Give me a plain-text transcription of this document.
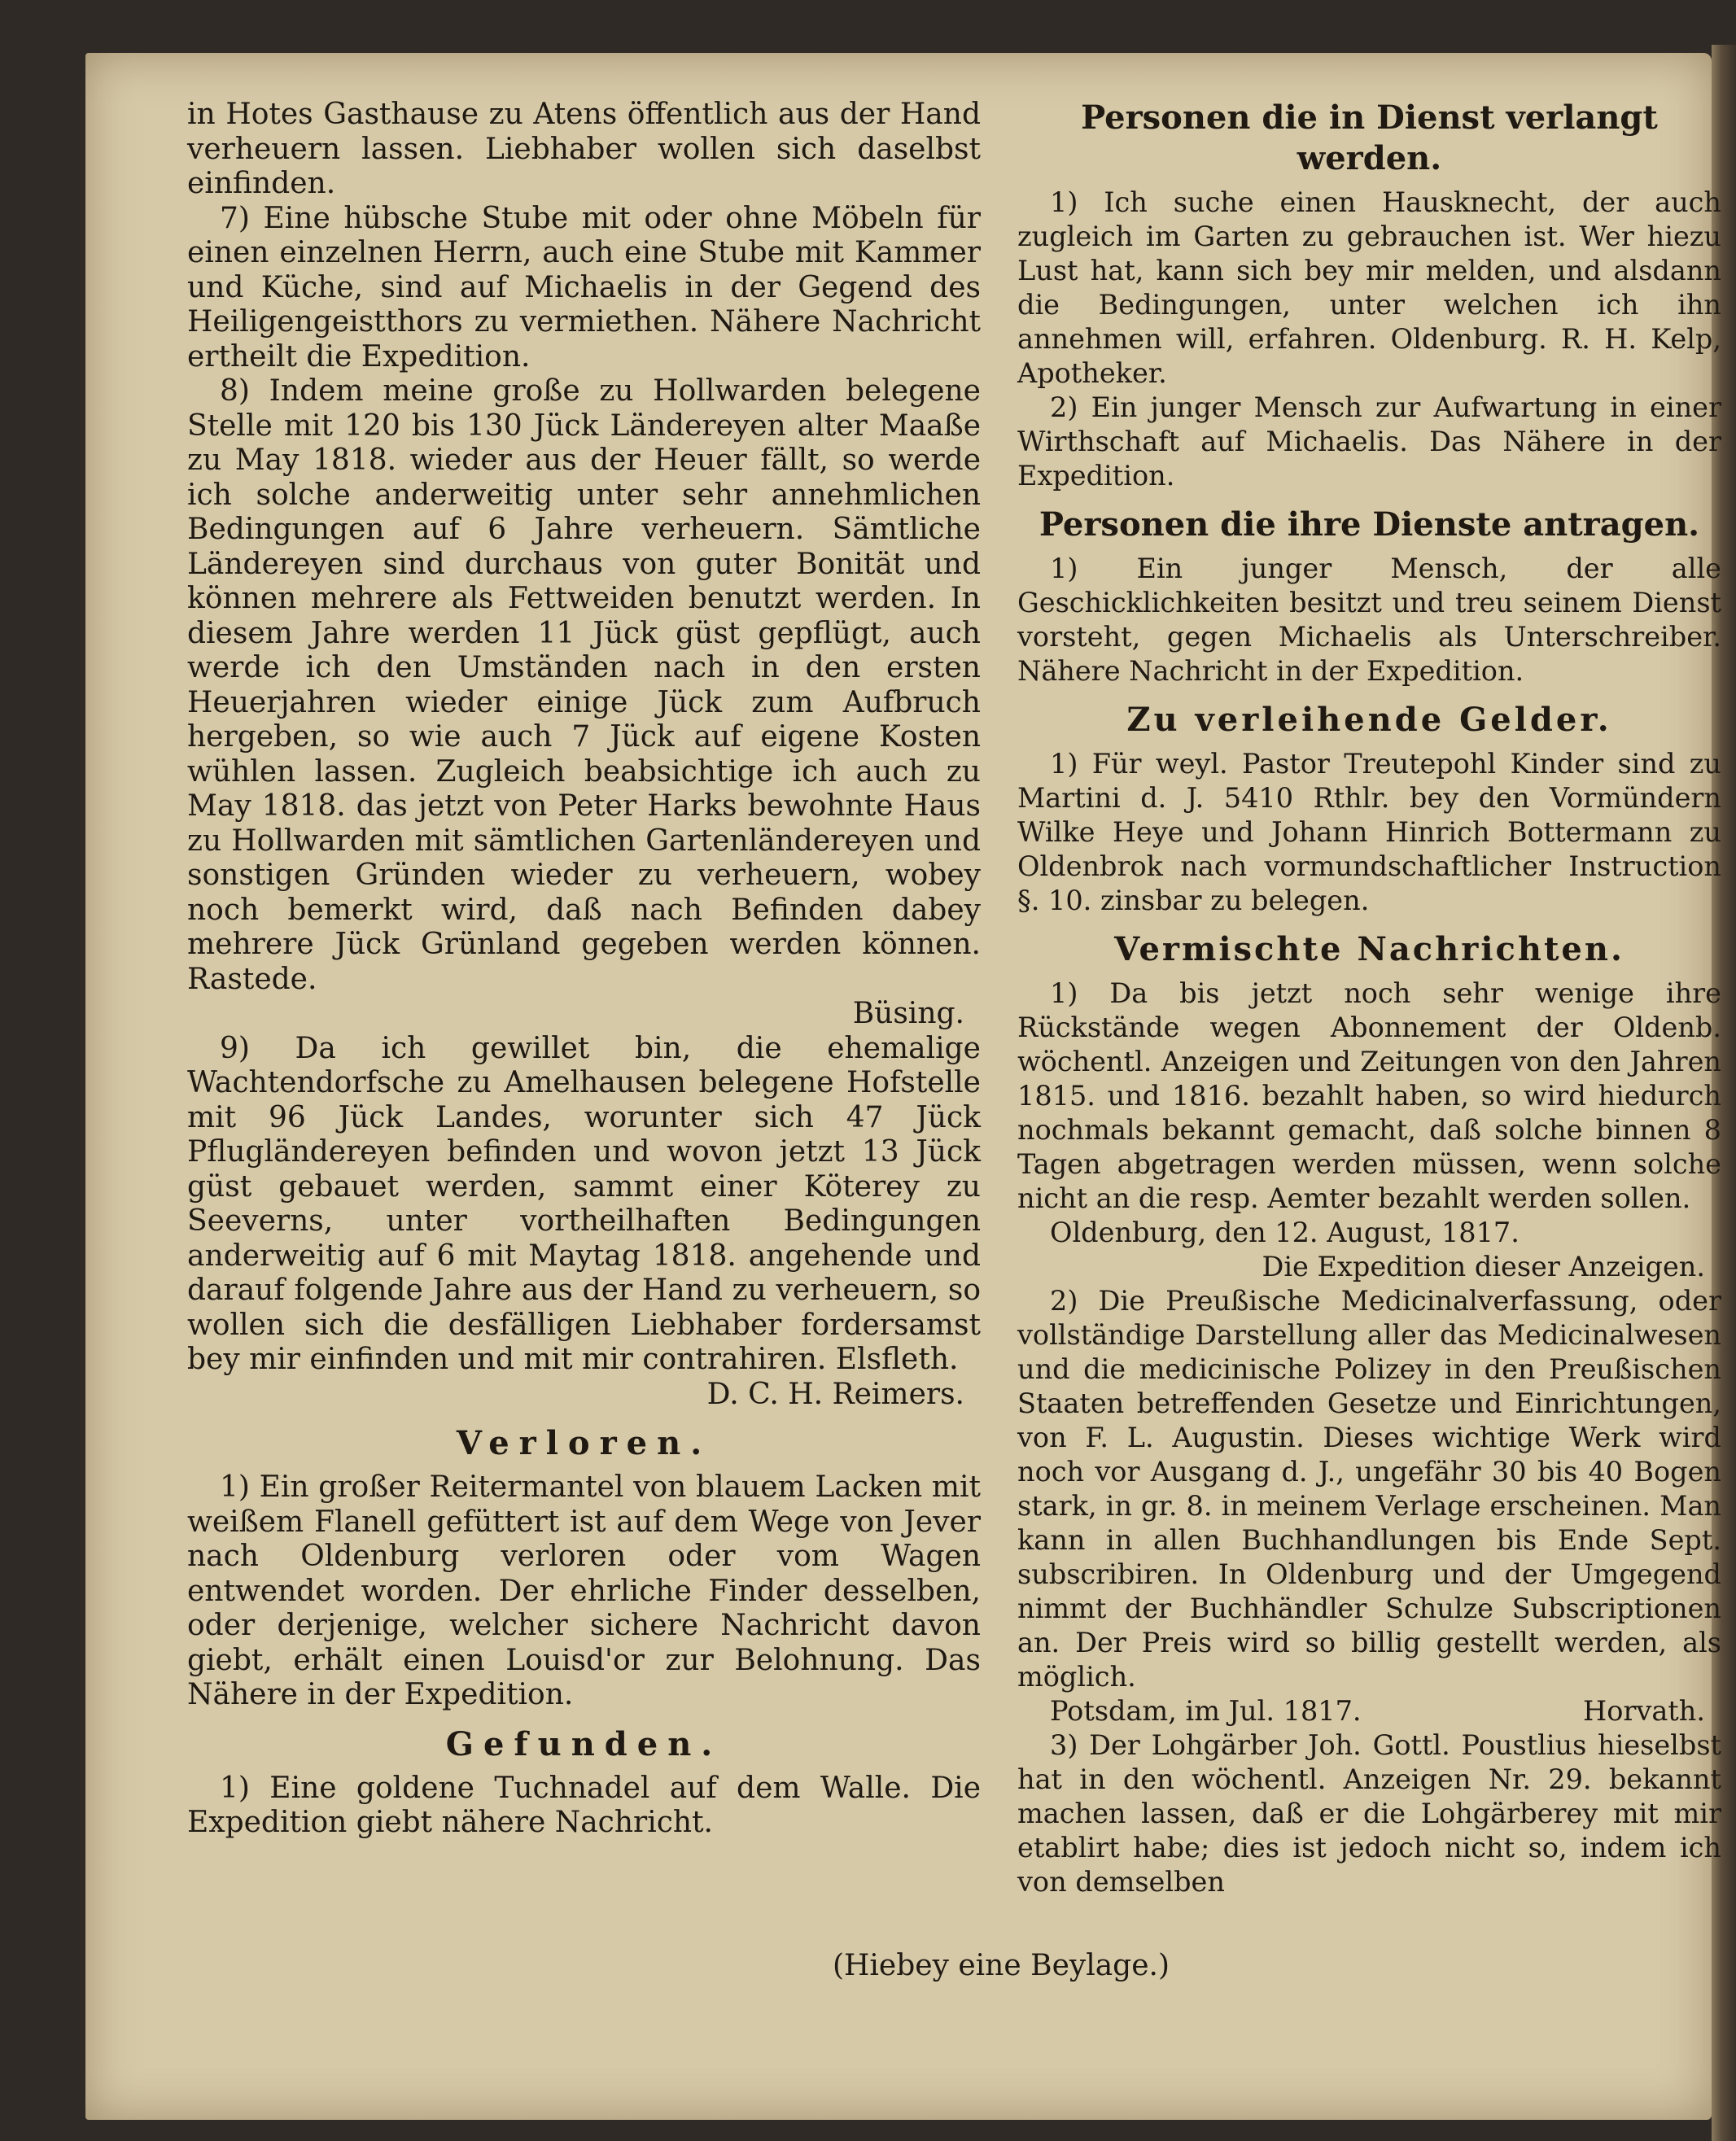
in Hotes Gasthause zu Atens öffentlich aus der Hand verheuern lassen. Liebhaber wollen sich daselbst einfinden.

7) Eine hübsche Stube mit oder ohne Möbeln für einen einzelnen Herrn, auch eine Stube mit Kammer und Küche, sind auf Michaelis in der Gegend des Heiligengeistthors zu vermiethen. Nähere Nachricht ertheilt die Expedition.

8) Indem meine große zu Hollwarden belegene Stelle mit 120 bis 130 Jück Ländereyen alter Maaße zu May 1818. wieder aus der Heuer fällt, so werde ich solche anderweitig unter sehr annehmlichen Bedingungen auf 6 Jahre verheuern. Sämtliche Ländereyen sind durchaus von guter Bonität und können mehrere als Fettweiden benutzt werden. In diesem Jahre werden 11 Jück güst gepflügt, auch werde ich den Umständen nach in den ersten Heuerjahren wieder einige Jück zum Aufbruch hergeben, so wie auch 7 Jück auf eigene Kosten wühlen lassen. Zugleich beabsichtige ich auch zu May 1818. das jetzt von Peter Harks bewohnte Haus zu Hollwarden mit sämtlichen Gartenländereyen und sonstigen Gründen wieder zu verheuern, wobey noch bemerkt wird, daß nach Befinden dabey mehrere Jück Grünland gegeben werden können. Rastede.

Büsing.

9) Da ich gewillet bin, die ehemalige Wachtendorfsche zu Amelhausen belegene Hofstelle mit 96 Jück Landes, worunter sich 47 Jück Pflugländereyen befinden und wovon jetzt 13 Jück güst gebauet werden, sammt einer Köterey zu Seeverns, unter vortheilhaften Bedingungen anderweitig auf 6 mit Maytag 1818. angehende und darauf folgende Jahre aus der Hand zu verheuern, so wollen sich die desfälligen Liebhaber fordersamst bey mir einfinden und mit mir contrahiren. Elsfleth.

D. C. H. Reimers.

Verloren.

1) Ein großer Reitermantel von blauem Lacken mit weißem Flanell gefüttert ist auf dem Wege von Jever nach Oldenburg verloren oder vom Wagen entwendet worden. Der ehrliche Finder desselben, oder derjenige, welcher sichere Nachricht davon giebt, erhält einen Louisd'or zur Belohnung. Das Nähere in der Expedition.

Gefunden.

1) Eine goldene Tuchnadel auf dem Walle. Die Expedition giebt nähere Nachricht.

Personen die in Dienst verlangt werden.

1) Ich suche einen Hausknecht, der auch zugleich im Garten zu gebrauchen ist. Wer hiezu Lust hat, kann sich bey mir melden, und alsdann die Bedingungen, unter welchen ich ihn annehmen will, erfahren. Oldenburg. R. H. Kelp, Apotheker.

2) Ein junger Mensch zur Aufwartung in einer Wirthschaft auf Michaelis. Das Nähere in der Expedition.

Personen die ihre Dienste antragen.

1) Ein junger Mensch, der alle Geschicklichkeiten besitzt und treu seinem Dienst vorsteht, gegen Michaelis als Unterschreiber. Nähere Nachricht in der Expedition.

Zu verleihende Gelder.

1) Für weyl. Pastor Treutepohl Kinder sind zu Martini d. J. 5410 Rthlr. bey den Vormündern Wilke Heye und Johann Hinrich Bottermann zu Oldenbrok nach vormundschaftlicher Instruction §. 10. zinsbar zu belegen.

Vermischte Nachrichten.

1) Da bis jetzt noch sehr wenige ihre Rückstände wegen Abonnement der Oldenb. wöchentl. Anzeigen und Zeitungen von den Jahren 1815. und 1816. bezahlt haben, so wird hiedurch nochmals bekannt gemacht, daß solche binnen 8 Tagen abgetragen werden müssen, wenn solche nicht an die resp. Aemter bezahlt werden sollen.

Oldenburg, den 12. August, 1817.

Die Expedition dieser Anzeigen.

2) Die Preußische Medicinalverfassung, oder vollständige Darstellung aller das Medicinalwesen und die medicinische Polizey in den Preußischen Staaten betreffenden Gesetze und Einrichtungen, von F. L. Augustin. Dieses wichtige Werk wird noch vor Ausgang d. J., ungefähr 30 bis 40 Bogen stark, in gr. 8. in meinem Verlage erscheinen. Man kann in allen Buchhandlungen bis Ende Sept. subscribiren. In Oldenburg und der Umgegend nimmt der Buchhändler Schulze Subscriptionen an. Der Preis wird so billig gestellt werden, als möglich.

Potsdam, im Jul. 1817.	Horvath.

3) Der Lohgärber Joh. Gottl. Poustlius hieselbst hat in den wöchentl. Anzeigen Nr. 29. bekannt machen lassen, daß er die Lohgärberey mit mir etablirt habe; dies ist jedoch nicht so, indem ich von demselben

(Hiebey eine Beylage.)
